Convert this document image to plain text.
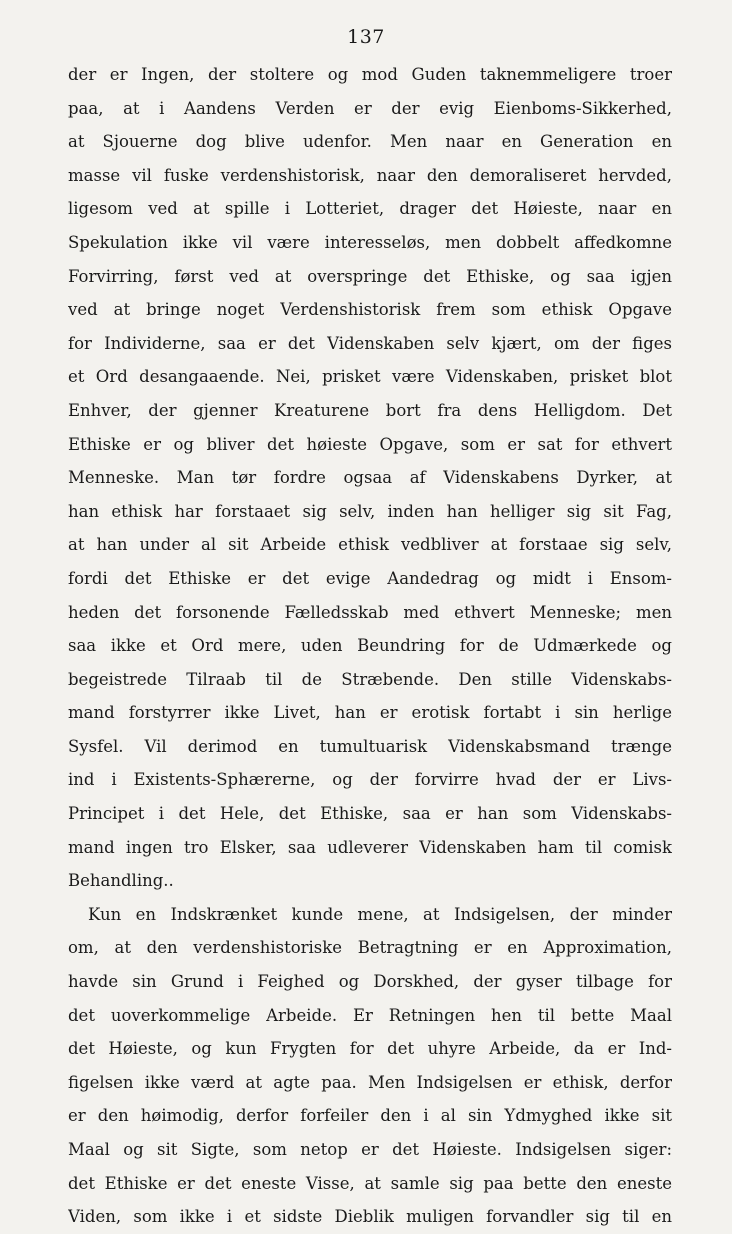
137
der er Ingen, der stoltere og mod Guden taknemmeligere troer
paa, at i Aandens Verden er der evig Eienboms-Sikkerhed,
at Sjouerne dog blive udenfor. Men naar en Generation en
masse vil fuske verdenshistorisk, naar den demoraliseret hervded,
ligesom ved at spille i Lotteriet, drager det Høieste, naar en
Spekulation ikke vil være interesseløs, men dobbelt affedkomne
Forvirring, først ved at overspringe det Ethiske, og saa igjen
ved at bringe noget Verdenshistorisk frem som ethisk Opgave
for Individerne, saa er det Videnskaben selv kjært, om der figes
et Ord desangaaende. Nei, prisket være Videnskaben, prisket blot
Enhver, der gjenner Kreaturene bort fra dens Helligdom. Det
Ethiske er og bliver det høieste Opgave, som er sat for ethvert
Menneske. Man tør fordre ogsaa af Videnskabens Dyrker, at
han ethisk har forstaaet sig selv, inden han helliger sig sit Fag,
at han under al sit Arbeide ethisk vedbliver at forstaae sig selv,
fordi det Ethiske er det evige Aandedrag og midt i Ensom-
heden det forsonende Fælledsskab med ethvert Menneske; men
saa ikke et Ord mere, uden Beundring for de Udmærkede og
begeistrede Tilraab til de Stræbende. Den stille Videnskabs-
mand forstyrrer ikke Livet, han er erotisk fortabt i sin herlige
Sysfel. Vil derimod en tumultuarisk Videnskabsmand trænge
ind i Existents-Sphærerne, og der forvirre hvad der er Livs-
Principet i det Hele, det Ethiske, saa er han som Videnskabs-
mand ingen tro Elsker, saa udleverer Videnskaben ham til comisk
Behandling..
Kun en Indskrænket kunde mene, at Indsigelsen, der minder
om, at den verdenshistoriske Betragtning er en Approximation,
havde sin Grund i Feighed og Dorskhed, der gyser tilbage for
det uoverkommelige Arbeide. Er Retningen hen til bette Maal
det Høieste, og kun Frygten for det uhyre Arbeide, da er Ind-
figelsen ikke værd at agte paa. Men Indsigelsen er ethisk, derfor
er den høimodig, derfor forfeiler den i al sin Ydmyghed ikke sit
Maal og sit Sigte, som netop er det Høieste. Indsigelsen siger:
det Ethiske er det eneste Visse, at samle sig paa bette den eneste
Viden, som ikke i et sidste Dieblik muligen forvandler sig til en
